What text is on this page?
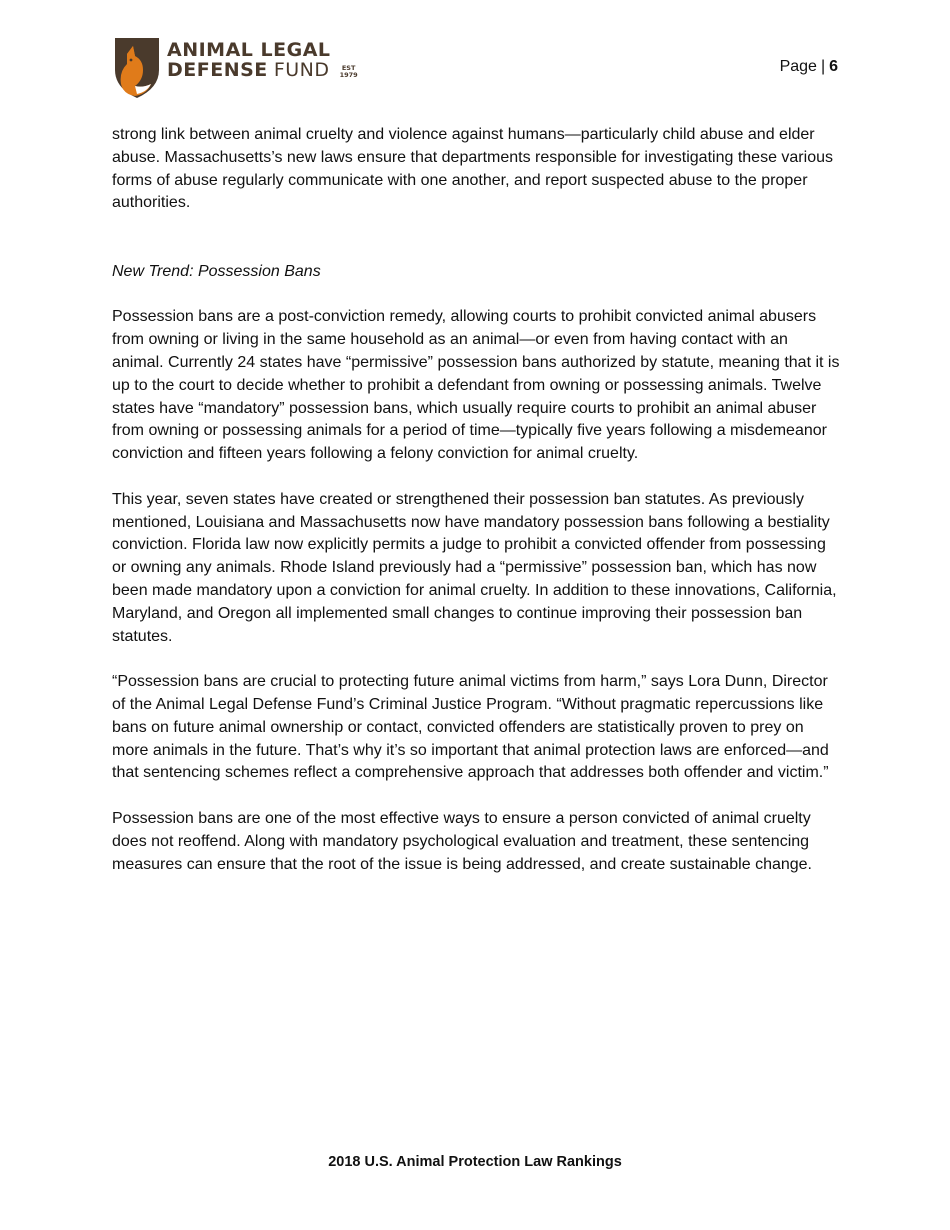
ANIMAL LEGAL
DEFENSE FUND	EST
1979	Page | 6

strong link between animal cruelty and violence against humans—particularly child abuse and elder abuse. Massachusetts’s new laws ensure that departments responsible for investigating these various forms of abuse regularly communicate with one another, and report suspected abuse to the proper authorities.

New Trend: Possession Bans

Possession bans are a post-conviction remedy, allowing courts to prohibit convicted animal abusers from owning or living in the same household as an animal—or even from having contact with an animal. Currently 24 states have “permissive” possession bans authorized by statute, meaning that it is up to the court to decide whether to prohibit a defendant from owning or possessing animals. Twelve states have “mandatory” possession bans, which usually require courts to prohibit an animal abuser from owning or possessing animals for a period of time—typically five years following a misdemeanor conviction and fifteen years following a felony conviction for animal cruelty.

This year, seven states have created or strengthened their possession ban statutes. As previously mentioned, Louisiana and Massachusetts now have mandatory possession bans following a bestiality conviction. Florida law now explicitly permits a judge to prohibit a convicted offender from possessing or owning any animals. Rhode Island previously had a “permissive” possession ban, which has now been made mandatory upon a conviction for animal cruelty. In addition to these innovations, California, Maryland, and Oregon all implemented small changes to continue improving their possession ban statutes.

“Possession bans are crucial to protecting future animal victims from harm,” says Lora Dunn, Director of the Animal Legal Defense Fund’s Criminal Justice Program. “Without pragmatic repercussions like bans on future animal ownership or contact, convicted offenders are statistically proven to prey on more animals in the future. That’s why it’s so important that animal protection laws are enforced—and that sentencing schemes reflect a comprehensive approach that addresses both offender and victim.”

Possession bans are one of the most effective ways to ensure a person convicted of animal cruelty does not reoffend. Along with mandatory psychological evaluation and treatment, these sentencing measures can ensure that the root of the issue is being addressed, and create sustainable change.

2018 U.S. Animal Protection Law Rankings
